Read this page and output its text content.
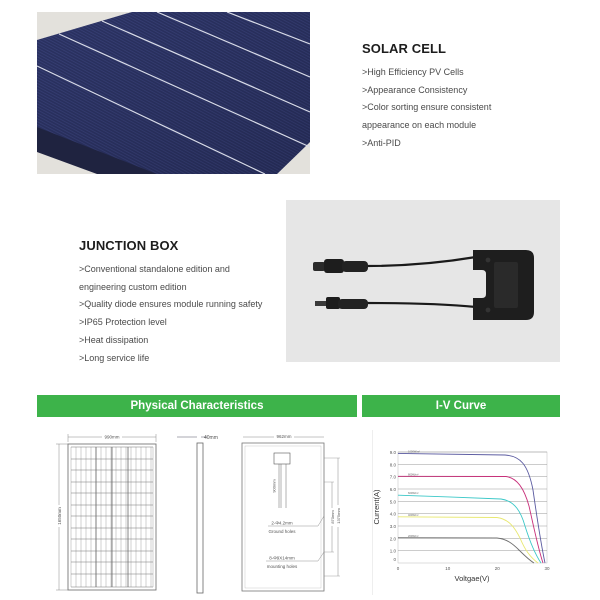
SOLAR CELL
>High Efficiency PV Cells
>Appearance Consistency
>Color sorting ensure consistent
appearance on each module
>Anti-PID
JUNCTION BOX
>Conventional standalone edition and
engineering custom edition
>Quality diode ensures module running safety
>IP65 Protection level
>Heat dissipation
>Long service life
Physical Characteristics	I-V Curve
990mm
1650mm
40mm	962mm
900mm
2-Φ4.2mm
Ground holes
8-Φ9X14mm
mounting holes
870mm 1375mm
9.0
8.0
7.0
6.0
5.0
4.0
3.0
2.0
1.0
0
0	10	20	30
Voltgae(V)
Current(A)
1000W/m²
800W/m²
600W/m²
400W/m²
200W/m²
